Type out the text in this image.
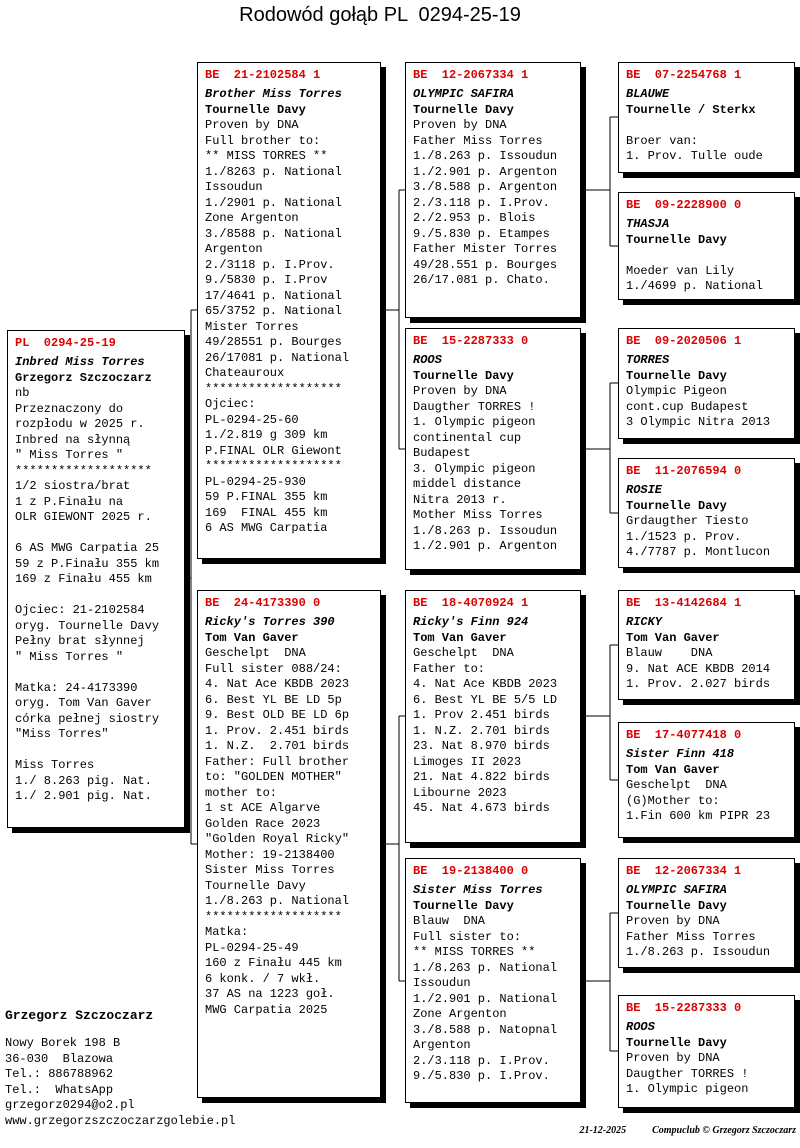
Rodowód gołąb PL  0294-25-19
PL  0294-25-19
Inbred Miss Torres
Grzegorz Szczoczarz
nb
Przeznaczony do
rozpłodu w 2025 r.
Inbred na słynną
" Miss Torres "
*******************
1/2 siostra/brat
1 z P.Finału na
OLR GIEWONT 2025 r.
6 AS MWG Carpatia 25
59 z P.Finału 355 km
169 z Finału 455 km
Ojciec: 21-2102584
oryg. Tournelle Davy
Pełny brat słynnej
" Miss Torres "
Matka: 24-4173390
oryg. Tom Van Gaver
córka pełnej siostry
"Miss Torres"
Miss Torres
1./ 8.263 pig. Nat.
1./ 2.901 pig. Nat.
BE  21-2102584 1
Brother Miss Torres
Tournelle Davy
Proven by DNA
Full brother to:
** MISS TORRES **
1./8263 p. National
Issoudun
1./2901 p. National
Zone Argenton
3./8588 p. National
Argenton
2./3118 p. I.Prov.
9./5830 p. I.Prov
17/4641 p. National
65/3752 p. National
Mister Torres
49/28551 p. Bourges
26/17081 p. National
Chateauroux
*******************
Ojciec:
PL-0294-25-60
1./2.819 g 309 km
P.FINAL OLR Giewont
*******************
PL-0294-25-930
59 P.FINAL 355 km
169  FINAL 455 km
6 AS MWG Carpatia
BE  24-4173390 0
Ricky's Torres 390
Tom Van Gaver
Geschelpt  DNA
Full sister 088/24:
4. Nat Ace KBDB 2023
6. Best YL BE LD 5p
9. Best OLD BE LD 6p
1. Prov. 2.451 birds
1. N.Z.  2.701 birds
Father: Full brother
to: "GOLDEN MOTHER"
mother to:
1 st ACE Algarve
Golden Race 2023
"Golden Royal Ricky"
Mother: 19-2138400
Sister Miss Torres
Tournelle Davy
1./8.263 p. National
*******************
Matka:
PL-0294-25-49
160 z Finału 445 km
6 konk. / 7 wkł.
37 AS na 1223 goł.
MWG Carpatia 2025
BE  12-2067334 1
OLYMPIC SAFIRA
Tournelle Davy
Proven by DNA
Father Miss Torres
1./8.263 p. Issoudun
1./2.901 p. Argenton
3./8.588 p. Argenton
2./3.118 p. I.Prov.
2./2.953 p. Blois
9./5.830 p. Etampes
Father Mister Torres
49/28.551 p. Bourges
26/17.081 p. Chato.
BE  15-2287333 0
ROOS
Tournelle Davy
Proven by DNA
Daugther TORRES !
1. Olympic pigeon
continental cup
Budapest
3. Olympic pigeon
middel distance
Nitra 2013 r.
Mother Miss Torres
1./8.263 p. Issoudun
1./2.901 p. Argenton
BE  18-4070924 1
Ricky's Finn 924
Tom Van Gaver
Geschelpt  DNA
Father to:
4. Nat Ace KBDB 2023
6. Best YL BE 5/5 LD
1. Prov 2.451 birds
1. N.Z. 2.701 birds
23. Nat 8.970 birds
Limoges II 2023
21. Nat 4.822 birds
Libourne 2023
45. Nat 4.673 birds
BE  19-2138400 0
Sister Miss Torres
Tournelle Davy
Blauw  DNA
Full sister to:
** MISS TORRES **
1./8.263 p. National
Issoudun
1./2.901 p. National
Zone Argenton
3./8.588 p. Natopnal
Argenton
2./3.118 p. I.Prov.
9./5.830 p. I.Prov.
BE  07-2254768 1
BLAUWE
Tournelle / Sterkx
Broer van:
1. Prov. Tulle oude
BE  09-2228900 0
THASJA
Tournelle Davy
Moeder van Lily
1./4699 p. National
BE  09-2020506 1
TORRES
Tournelle Davy
Olympic Pigeon
cont.cup Budapest
3 Olympic Nitra 2013
BE  11-2076594 0
ROSIE
Tournelle Davy
Grdaugther Tiesto
1./1523 p. Prov.
4./7787 p. Montlucon
BE  13-4142684 1
RICKY
Tom Van Gaver
Blauw    DNA
9. Nat ACE KBDB 2014
1. Prov. 2.027 birds
BE  17-4077418 0
Sister Finn 418
Tom Van Gaver
Geschelpt  DNA
(G)Mother to:
1.Fin 600 km PIPR 23
BE  12-2067334 1
OLYMPIC SAFIRA
Tournelle Davy
Proven by DNA
Father Miss Torres
1./8.263 p. Issoudun
BE  15-2287333 0
ROOS
Tournelle Davy
Proven by DNA
Daugther TORRES !
1. Olympic pigeon
Grzegorz Szczoczarz
Nowy Borek 198 B
36-030  Blazowa
Tel.: 886788962
Tel.:  WhatsApp
grzegorz0294@o2.pl
www.grzegorzszczoczarzgolebie.pl

21-12-2025	Compuclub © Grzegorz Szczoczarz
